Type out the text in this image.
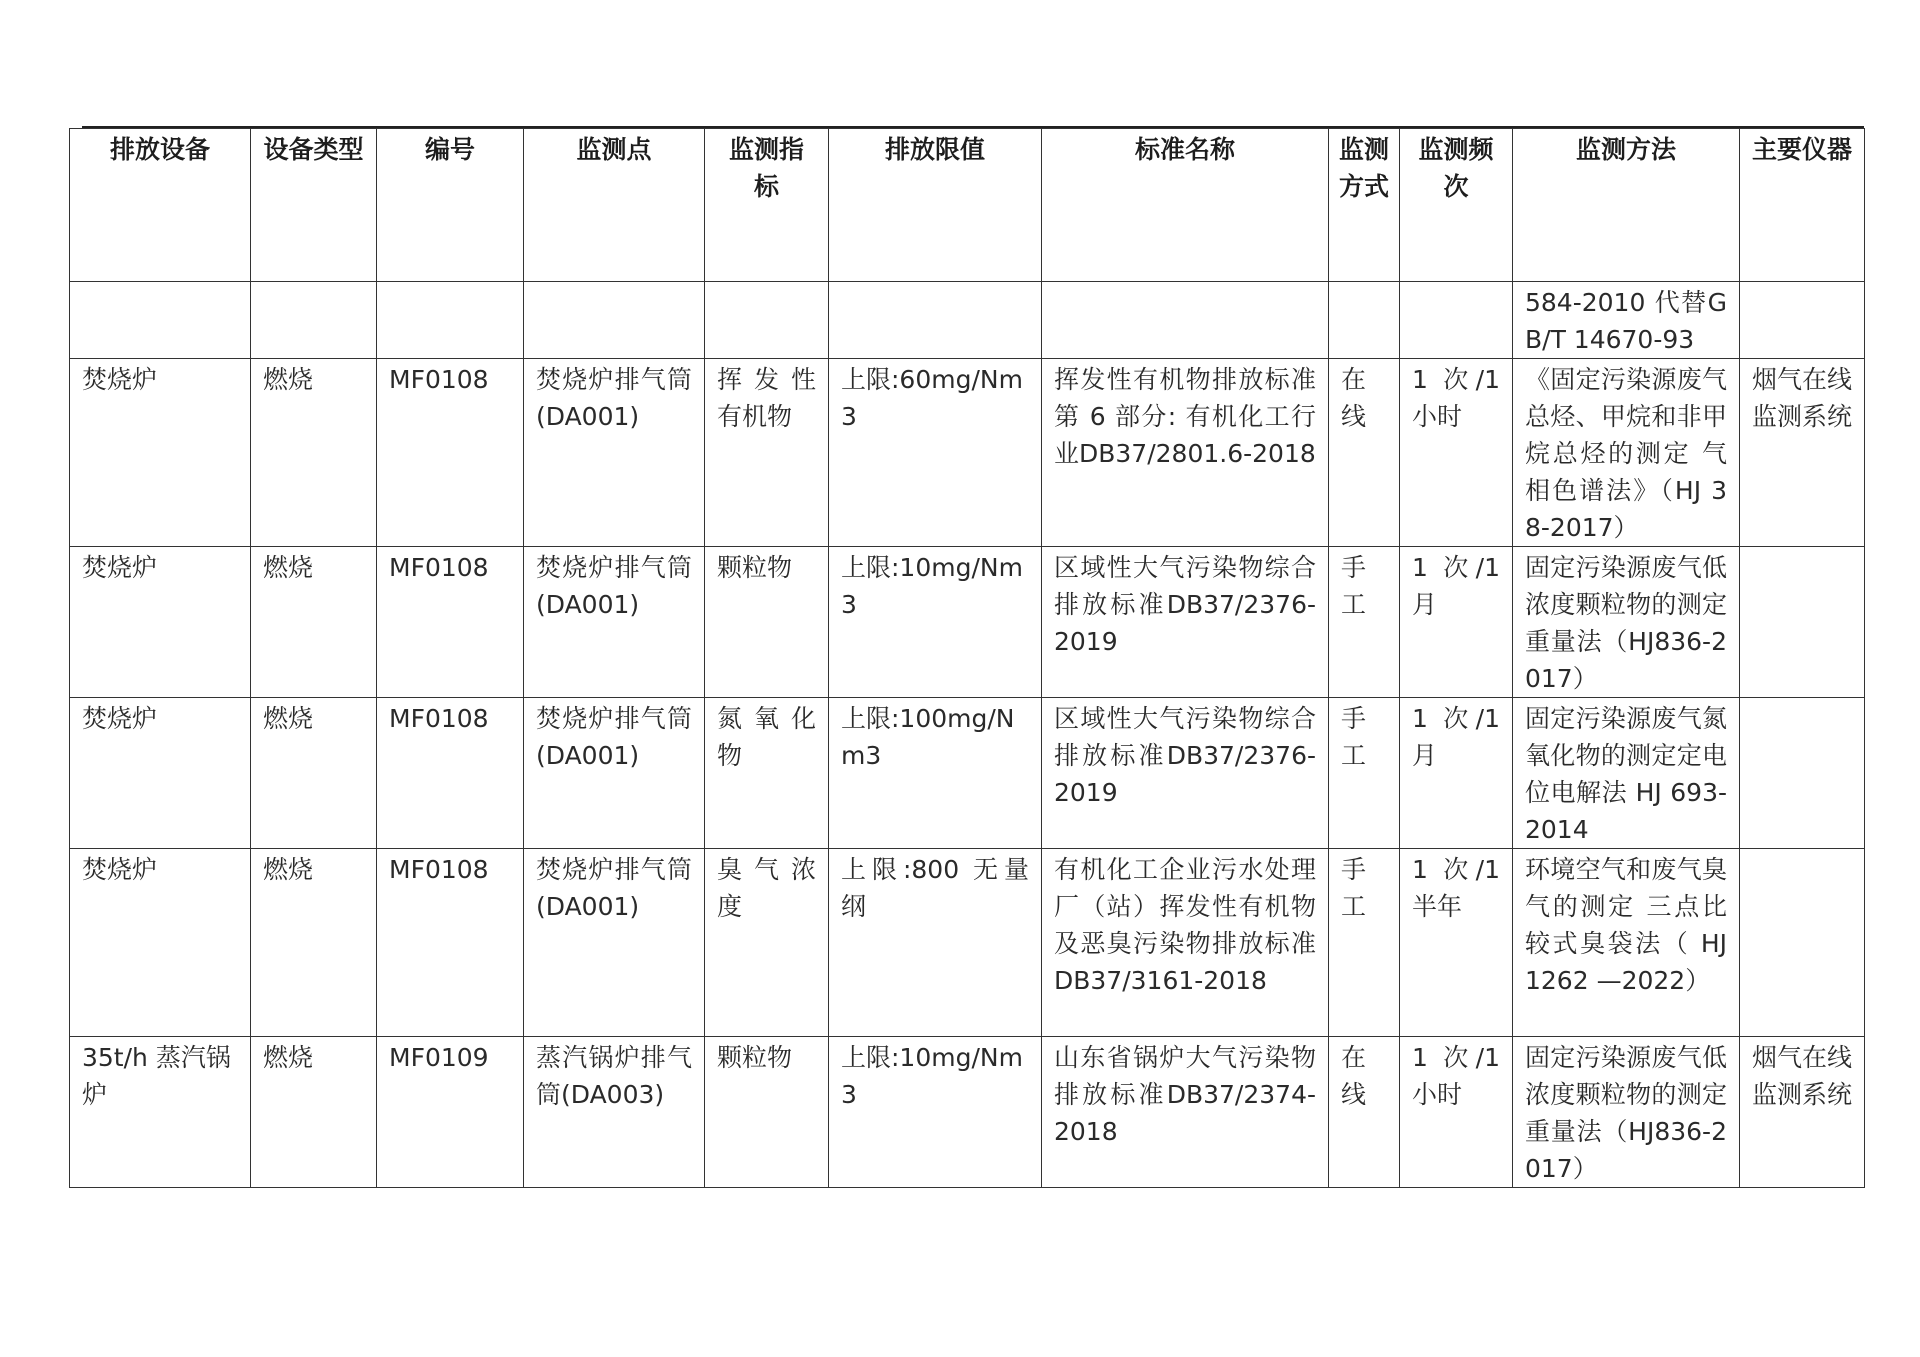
排放设备	设备类型	编号	监测点	监测指标	排放限值	标准名称	监测方式	监测频次	监测方法	主要仪器
									584-2010 代替GB/T 14670-93	
焚烧炉	燃烧	MF0108	焚烧炉排气筒(DA001)	挥发性有机物	上限:60mg/Nm3	挥发性有机物排放标准第 6 部分: 有机化工行业DB37/2801.6-2018	在线	1 次/1小时	《固定污染源废气 总烃、甲烷和非甲烷总烃的测定 气相色谱法》（HJ 38-2017）	烟气在线监测系统
焚烧炉	燃烧	MF0108	焚烧炉排气筒(DA001)	颗粒物	上限:10mg/Nm3	区域性大气污染物综合排放标准DB37/2376-2019	手工	1 次/1月	固定污染源废气低浓度颗粒物的测定 重量法（HJ836-2017）	
焚烧炉	燃烧	MF0108	焚烧炉排气筒(DA001)	氮氧化物	上限:100mg/Nm3	区域性大气污染物综合排放标准DB37/2376-2019	手工	1 次/1月	固定污染源废气氮氧化物的测定定电位电解法 HJ 693-2014	
焚烧炉	燃烧	MF0108	焚烧炉排气筒(DA001)	臭气浓度	上限:800 无量纲	有机化工企业污水处理厂（站）挥发性有机物及恶臭污染物排放标准 DB37/3161-2018	手工	1 次/1半年	环境空气和废气臭气的测定 三点比较式臭袋法（ HJ 1262 —2022）	
35t/h 蒸汽锅炉	燃烧	MF0109	蒸汽锅炉排气筒(DA003)	颗粒物	上限:10mg/Nm3	山东省锅炉大气污染物排放标准DB37/2374-2018	在线	1 次/1小时	固定污染源废气低浓度颗粒物的测定 重量法（HJ836-2017）	烟气在线监测系统
